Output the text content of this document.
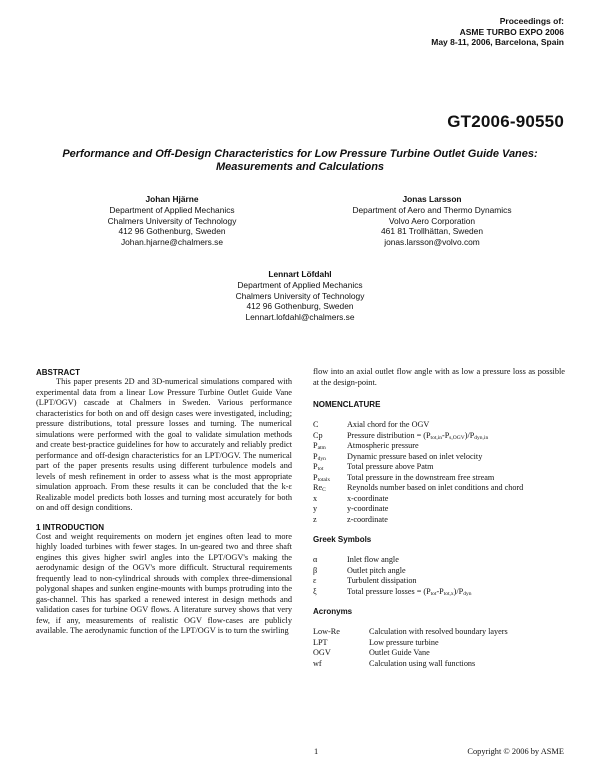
Proceedings of:
ASME TURBO EXPO 2006
May 8-11, 2006, Barcelona, Spain
GT2006-90550
Performance and Off-Design Characteristics for Low Pressure Turbine Outlet Guide Vanes:
Measurements and Calculations
Johan Hjärne
Department of Applied Mechanics
Chalmers University of Technology
412 96 Gothenburg, Sweden
Johan.hjarne@chalmers.se
Jonas Larsson
Department of Aero and Thermo Dynamics
Volvo Aero Corporation
461 81 Trollhättan, Sweden
jonas.larsson@volvo.com
Lennart Löfdahl
Department of Applied Mechanics
Chalmers University of Technology
412 96 Gothenburg, Sweden
Lennart.lofdahl@chalmers.se
ABSTRACT

This paper presents 2D and 3D-numerical simulations compared with experimental data from a linear Low Pressure Turbine Outlet Guide Vane (LPT/OGV) cascade at Chalmers in Sweden. Various performance characteristics for both on and off design cases were investigated, including; pressure distributions, total pressure losses and turning. The numerical simulations were performed with the goal to validate simulation methods and create best-practice guidelines for how to accurately and reliably predict performance and off-design characteristics for an LPT/OGV. The numerical part of the paper presents results using different turbulence models and levels of mesh refinement in order to assess what is the most appropriate simulation approach. From these results it can be concluded that the k-ε Realizable model predicts both losses and turning most accurately for both on and off design conditions.

1 INTRODUCTION

Cost and weight requirements on modern jet engines often lead to more highly loaded turbines with fewer stages. In un-geared two and three shaft engines this gives higher swirl angles into the LPT/OGV's making the aerodynamic design of the OGV's more difficult. Structural requirements frequently lead to non-cylindrical shrouds with complex three-dimensional polygonal shapes and sunken engine-mounts with bumps protruding into the gas-channel. This has sparked a renewed interest in design methods and validation cases for turbine OGV flows. A literature survey shows that very few, if any, measurements of realistic OGV flow-cases are publicly available. The aerodynamic function of the LPT/OGV is to turn the swirling

flow into an axial outlet flow angle with as low a pressure loss as possible at the design-point.

NOMENCLATURE
C	Axial chord for the OGV
Cp	Pressure distribution = $(P_{tot,in}-P_{s,OGV})/P_{dyn,in}$
$P_{atm}$	Atmospheric pressure
$P_{dyn}$	Dynamic pressure based on inlet velocity
$P_{tot}$	Total pressure above Patm
$P_{totalx}$	Total pressure in the downstream free stream
$Re_C$	Reynolds number based on inlet conditions and chord
x	x-coordinate
y	y-coordinate
z	z-coordinate
Greek Symbols
α	Inlet flow angle
β	Outlet pitch angle
ε	Turbulent dissipation
ξ	Total pressure losses = $(P_{tot}-P_{tot,x})/P_{dyn}$
Acronyms
Low-Re	Calculation with resolved boundary layers
LPT	Low pressure turbine
OGV	Outlet Guide Vane
wf	Calculation using wall functions
1	Copyright © 2006 by ASME
